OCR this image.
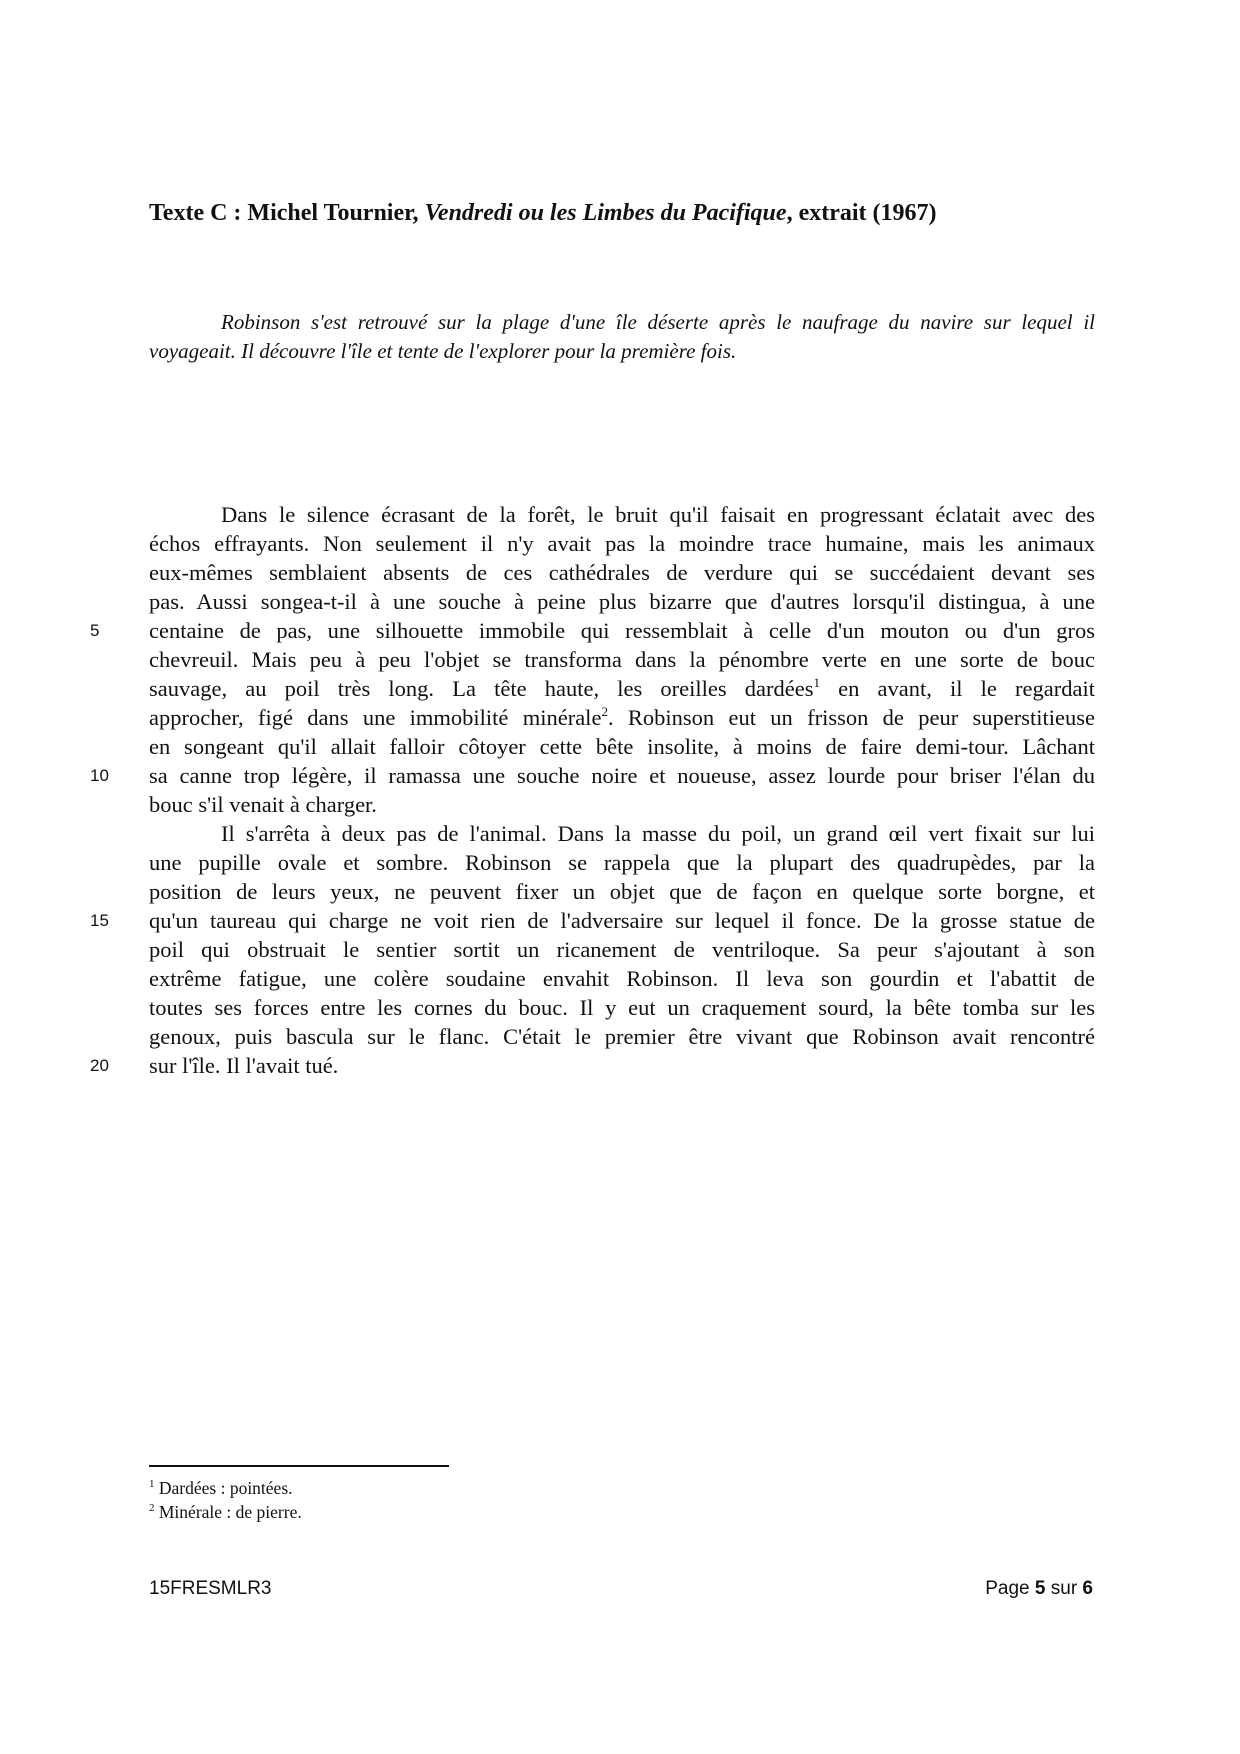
Texte C : Michel Tournier, Vendredi ou les Limbes du Pacifique, extrait (1967)

Robinson s'est retrouvé sur la plage d'une île déserte après le naufrage du navire sur lequel il voyageait. Il découvre l'île et tente de l'explorer pour la première fois.

Dans le silence écrasant de la forêt, le bruit qu'il faisait en progressant éclatait avec des
échos effrayants. Non seulement il n'y avait pas la moindre trace humaine, mais les animaux
eux-mêmes semblaient absents de ces cathédrales de verdure qui se succédaient devant ses
pas. Aussi songea-t-il à une souche à peine plus bizarre que d'autres lorsqu'il distingua, à une
centaine de pas, une silhouette immobile qui ressemblait à celle d'un mouton ou d'un gros
chevreuil. Mais peu à peu l'objet se transforma dans la pénombre verte en une sorte de bouc
sauvage, au poil très long. La tête haute, les oreilles dardées$^1$ en avant, il le regardait
approcher, figé dans une immobilité minérale$^2$. Robinson eut un frisson de peur superstitieuse
en songeant qu'il allait falloir côtoyer cette bête insolite, à moins de faire demi-tour. Lâchant
sa canne trop légère, il ramassa une souche noire et noueuse, assez lourde pour briser l'élan du
bouc s'il venait à charger.
Il s'arrêta à deux pas de l'animal. Dans la masse du poil, un grand œil vert fixait sur lui
une pupille ovale et sombre. Robinson se rappela que la plupart des quadrupèdes, par la
position de leurs yeux, ne peuvent fixer un objet que de façon en quelque sorte borgne, et
qu'un taureau qui charge ne voit rien de l'adversaire sur lequel il fonce. De la grosse statue de
poil qui obstruait le sentier sortit un ricanement de ventriloque. Sa peur s'ajoutant à son
extrême fatigue, une colère soudaine envahit Robinson. Il leva son gourdin et l'abattit de
toutes ses forces entre les cornes du bouc. Il y eut un craquement sourd, la bête tomba sur les
genoux, puis bascula sur le flanc. C'était le premier être vivant que Robinson avait rencontré
sur l'île. Il l'avait tué.
5
10
15
20
$^1$ Dardées : pointées.
$^2$ Minérale : de pierre.
15FRESMLR3	Page 5 sur 6
